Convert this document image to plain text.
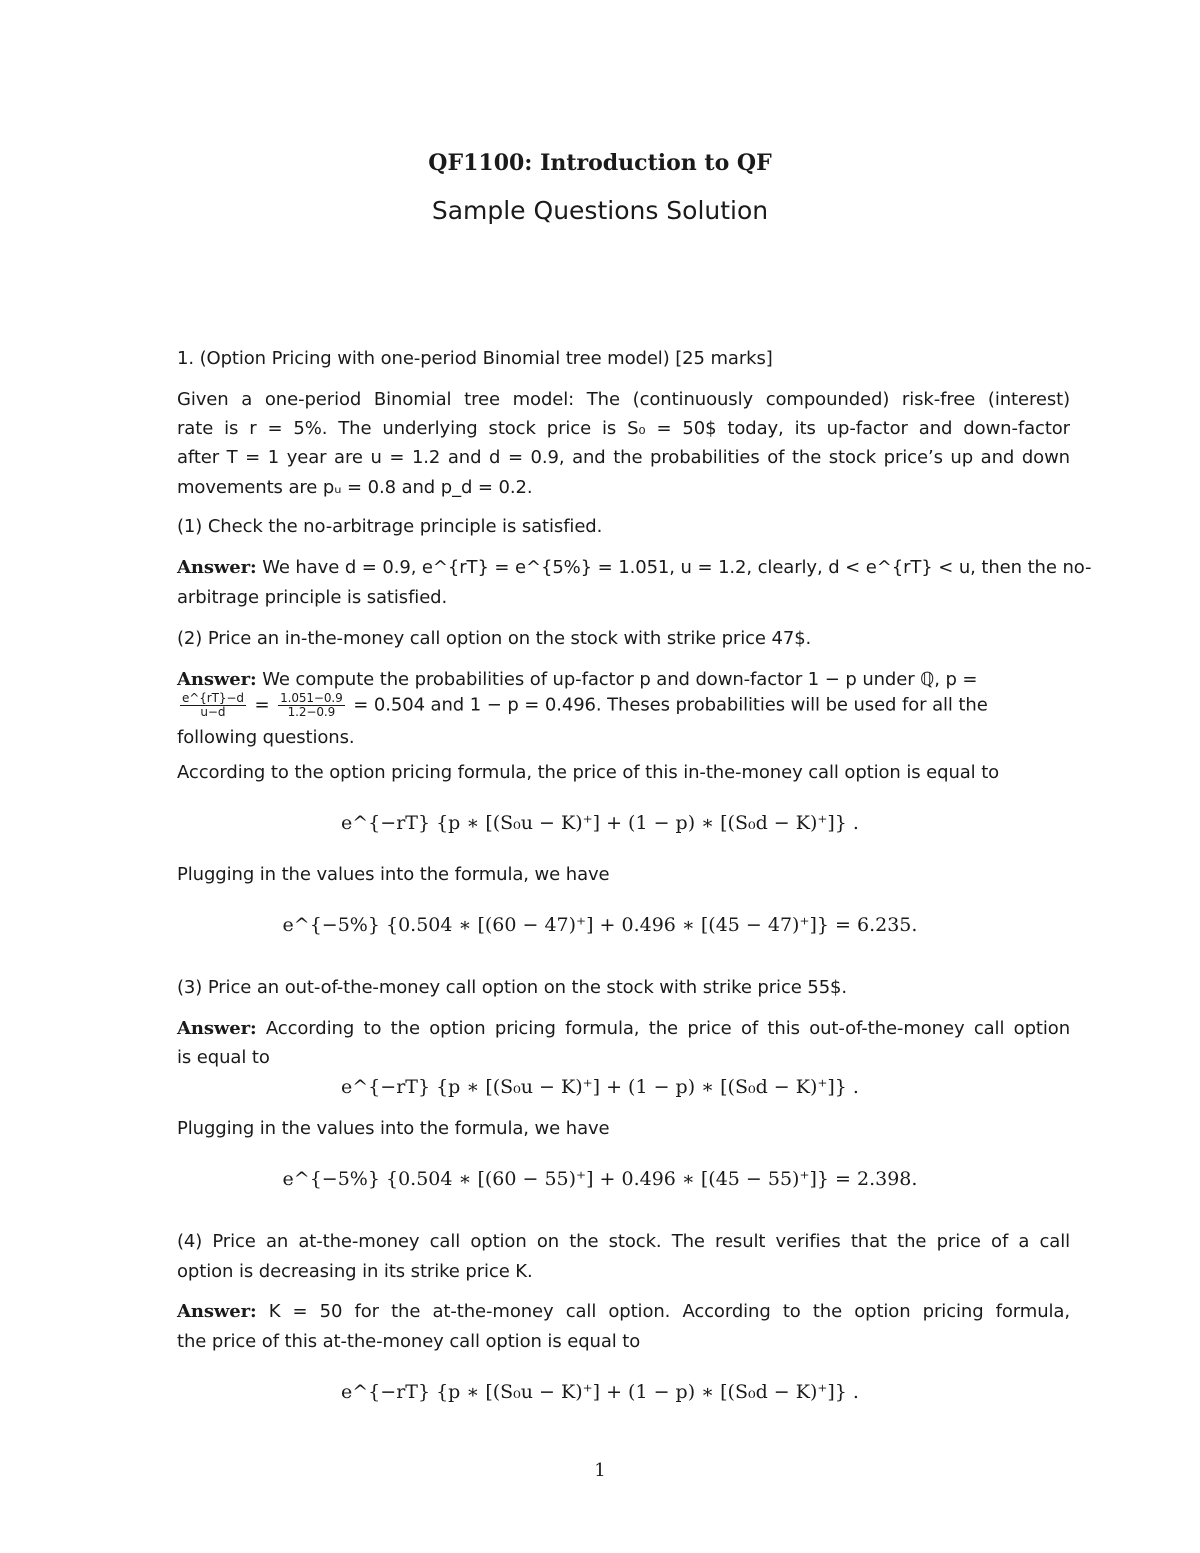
QF1100: Introduction to QF
Sample Questions Solution
1. (Option Pricing with one-period Binomial tree model) [25 marks]
Given a one-period Binomial tree model: The (continuously compounded) risk-free (interest)
rate is r = 5%. The underlying stock price is S₀ = 50$ today, its up-factor and down-factor
after T = 1 year are u = 1.2 and d = 0.9, and the probabilities of the stock price’s up and down
movements are pᵤ = 0.8 and p_d = 0.2.
(1) Check the no-arbitrage principle is satisfied.
Answer: We have d = 0.9, e^{rT} = e^{5%} = 1.051, u = 1.2, clearly, d < e^{rT} < u, then the no-
arbitrage principle is satisfied.
(2) Price an in-the-money call option on the stock with strike price 47$.
Answer: We compute the probabilities of up-factor p and down-factor 1 − p under ℚ, p =
$\frac{e\^{}\{rT\}-d}{u-d} = \frac{1.051-0.9}{1.2-0.9} = 0.504$ and 1 − p = 0.496. Theses probabilities will be used for all the
following questions.
According to the option pricing formula, the price of this in-the-money call option is equal to
e^{−rT} {p ∗ [(S₀u − K)⁺] + (1 − p) ∗ [(S₀d − K)⁺]} .
Plugging in the values into the formula, we have
e^{−5%} {0.504 ∗ [(60 − 47)⁺] + 0.496 ∗ [(45 − 47)⁺]} = 6.235.
(3) Price an out-of-the-money call option on the stock with strike price 55$.
Answer: According to the option pricing formula, the price of this out-of-the-money call option
is equal to
e^{−rT} {p ∗ [(S₀u − K)⁺] + (1 − p) ∗ [(S₀d − K)⁺]} .
Plugging in the values into the formula, we have
e^{−5%} {0.504 ∗ [(60 − 55)⁺] + 0.496 ∗ [(45 − 55)⁺]} = 2.398.
(4) Price an at-the-money call option on the stock. The result verifies that the price of a call
option is decreasing in its strike price K.
Answer: K = 50 for the at-the-money call option. According to the option pricing formula,
the price of this at-the-money call option is equal to
e^{−rT} {p ∗ [(S₀u − K)⁺] + (1 − p) ∗ [(S₀d − K)⁺]} .
1
